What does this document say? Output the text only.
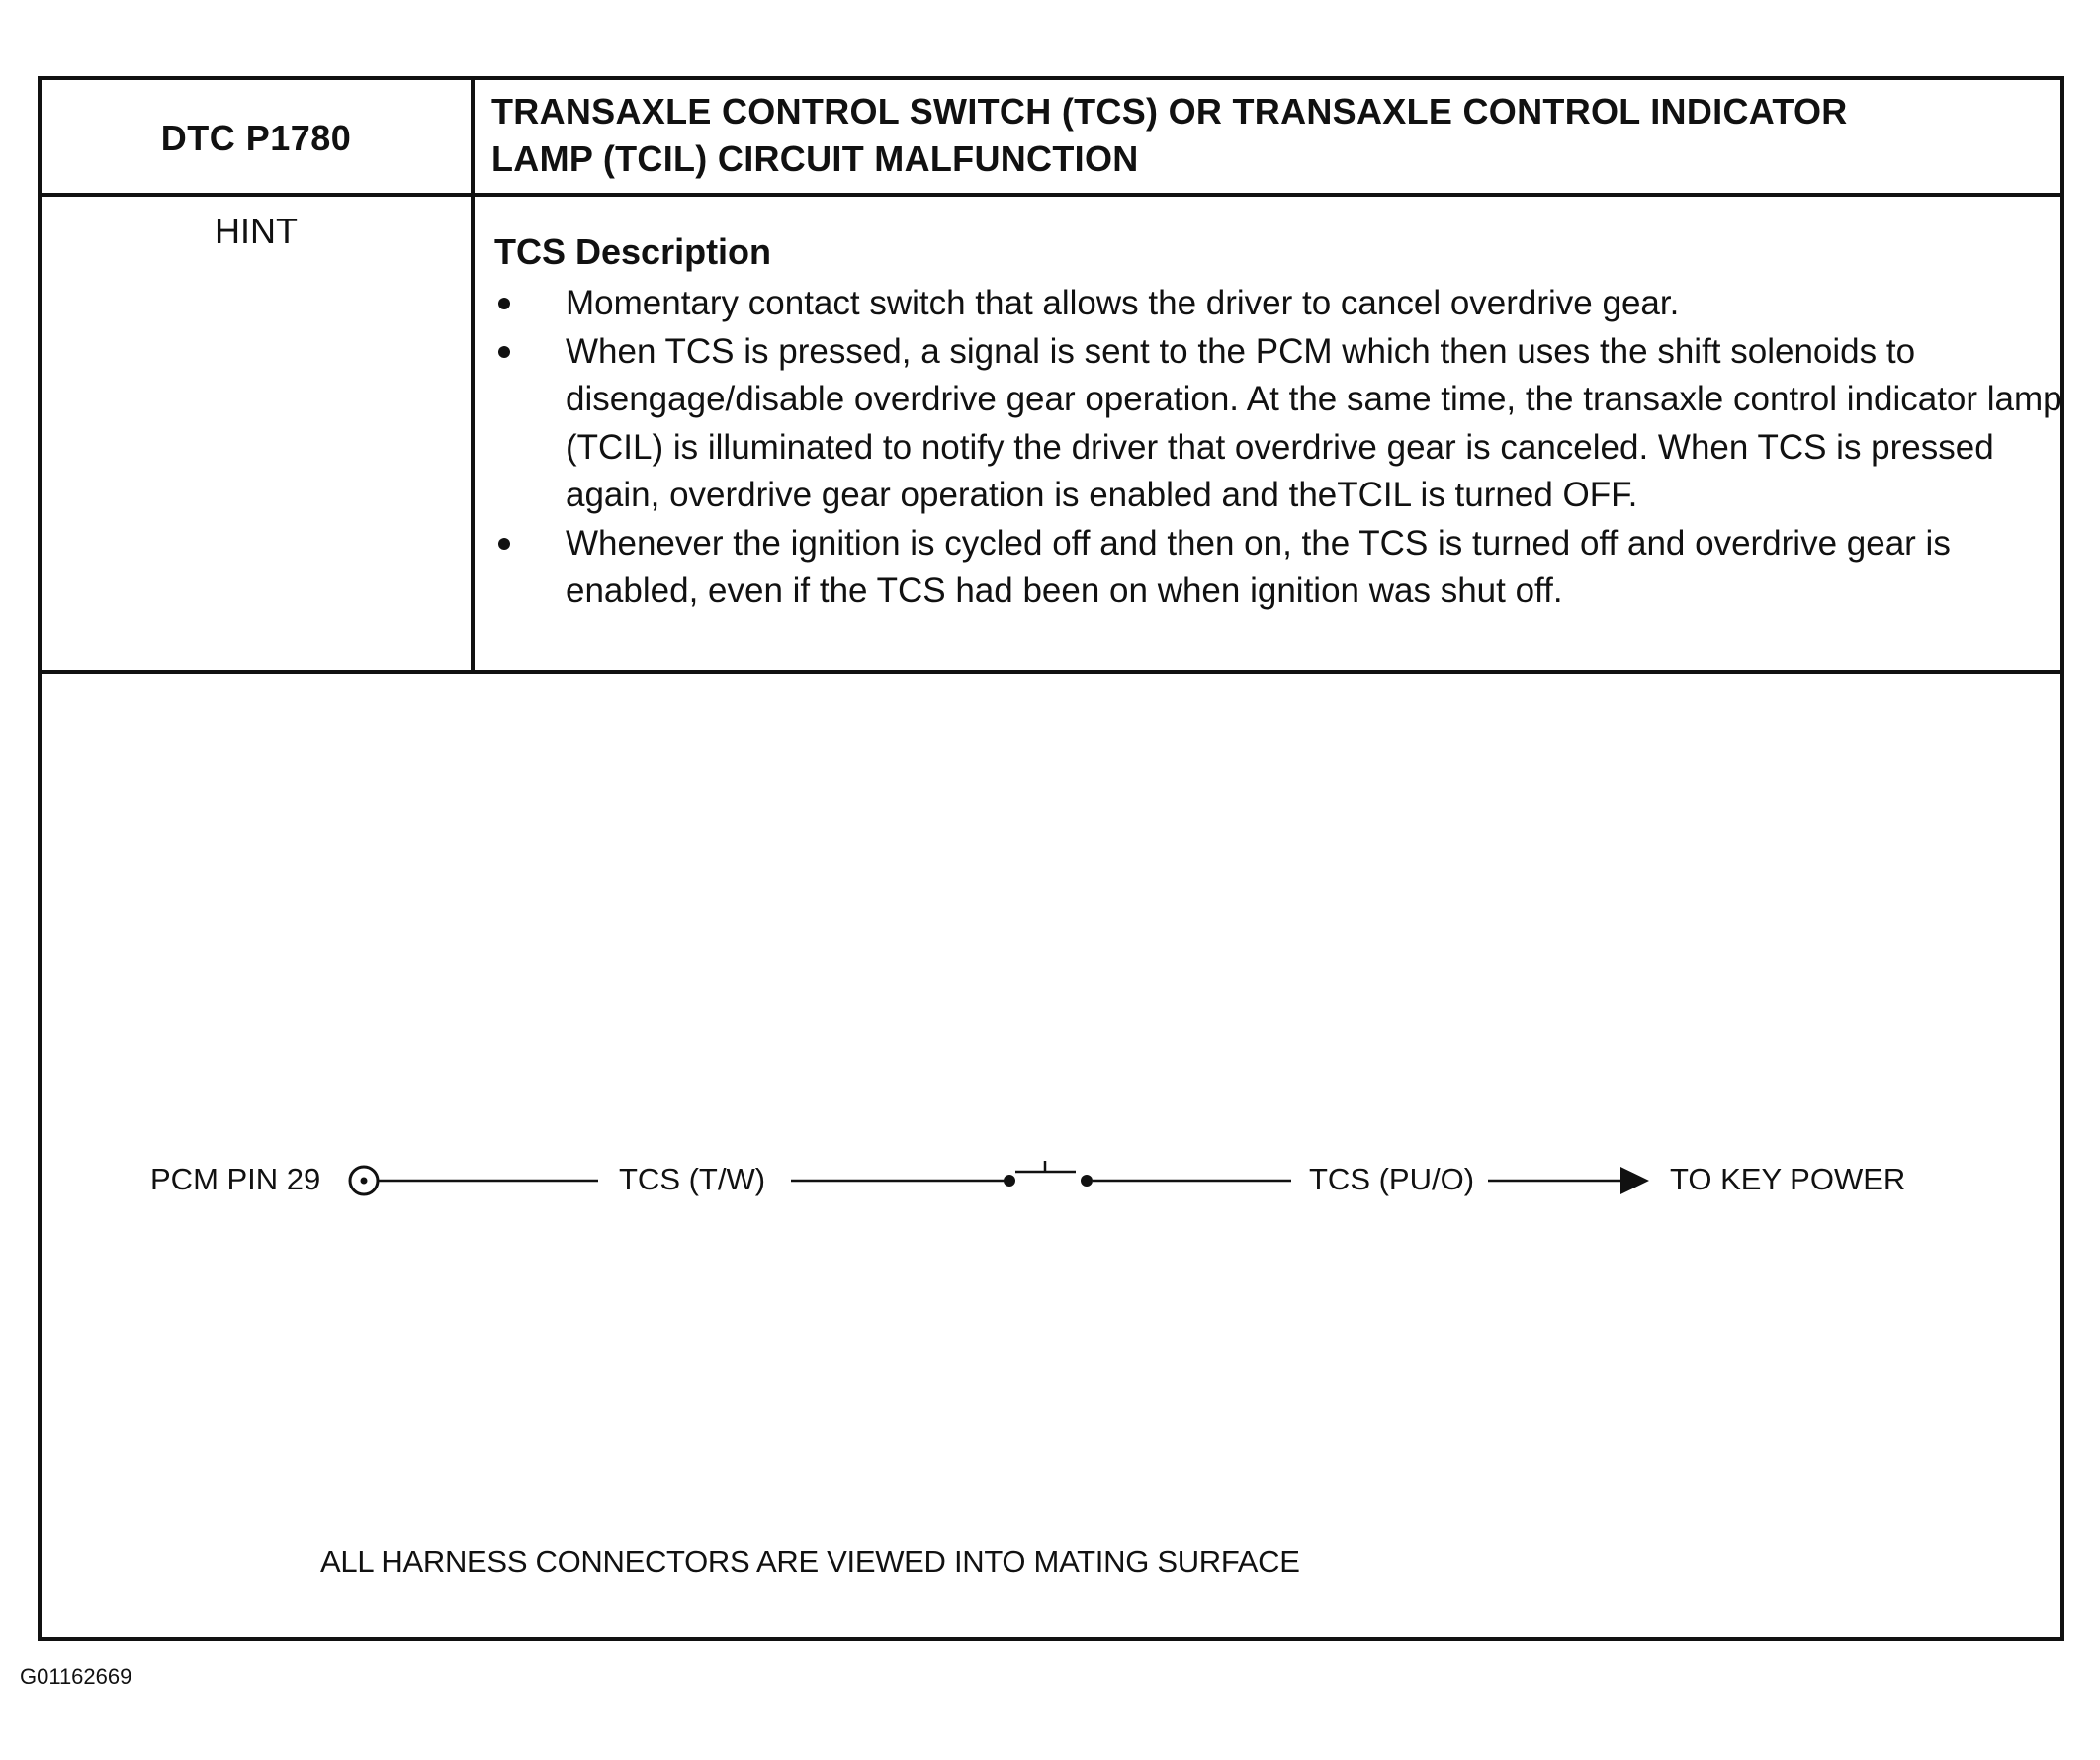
DTC P1780
TRANSAXLE CONTROL SWITCH (TCS) OR TRANSAXLE CONTROL INDICATOR
LAMP (TCIL) CIRCUIT MALFUNCTION
HINT
TCS Description
Momentary contact switch that allows the driver to cancel overdrive gear.
When TCS is pressed, a signal is sent to the PCM which then uses the shift solenoids to disengage/disable overdrive gear operation. At the same time, the transaxle control indicator lamp (TCIL) is illuminated to notify the driver that overdrive gear is canceled. When TCS is pressed again, overdrive gear operation is enabled and theTCIL is turned OFF.
Whenever the ignition is cycled off and then on, the TCS is turned off and overdrive gear is enabled, even if the TCS had been on when ignition was shut off.
PCM PIN 29	TCS (T/W)	TCS (PU/O)	TO KEY POWER
ALL HARNESS CONNECTORS ARE VIEWED INTO MATING SURFACE
G01162669
